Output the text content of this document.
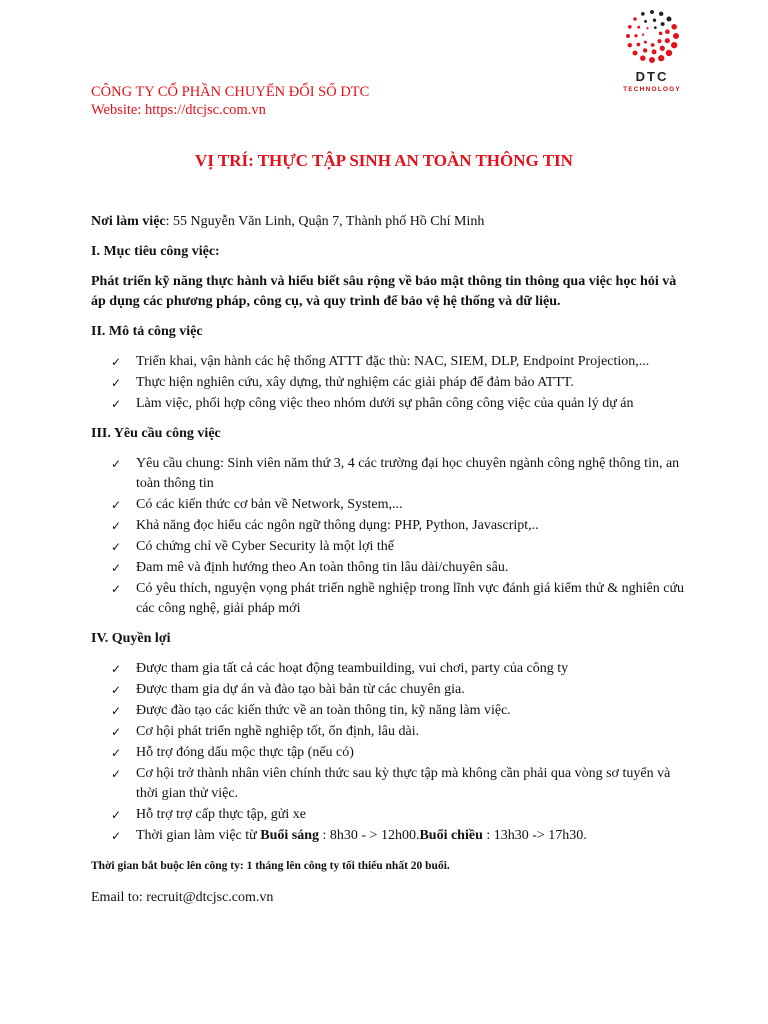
DTC
TECHNOLOGY
CÔNG TY CỔ PHẦN CHUYỂN ĐỔI SỐ DTC
Website: https://dtcjsc.com.vn
VỊ TRÍ: THỰC TẬP SINH AN TOÀN THÔNG TIN

Nơi làm việc: 55 Nguyễn Văn Linh, Quận 7, Thành phố Hồ Chí Minh

I. Mục tiêu công việc:

Phát triển kỹ năng thực hành và hiểu biết sâu rộng về bảo mật thông tin thông qua việc học hỏi và áp dụng các phương pháp, công cụ, và quy trình để bảo vệ hệ thống và dữ liệu.

II. Mô tả công việc

✓ Triển khai, vận hành các hệ thống ATTT đặc thù: NAC, SIEM, DLP, Endpoint Projection,...
✓ Thực hiện nghiên cứu, xây dựng, thử nghiệm các giải pháp để đảm bảo ATTT.
✓ Làm việc, phối hợp công việc theo nhóm dưới sự phân công công việc của quản lý dự án

III. Yêu cầu công việc

✓ Yêu cầu chung: Sinh viên năm thứ 3, 4 các trường đại học chuyên ngành công nghệ thông tin, an toàn thông tin
✓ Có các kiến thức cơ bản về Network, System,...
✓ Khả năng đọc hiểu các ngôn ngữ thông dụng: PHP, Python, Javascript,..
✓ Có chứng chỉ về Cyber Security là một lợi thế
✓ Đam mê và định hướng theo An toàn thông tin lâu dài/chuyên sâu.
✓ Có yêu thích, nguyện vọng phát triển nghề nghiệp trong lĩnh vực đánh giá kiểm thử & nghiên cứu các công nghệ, giải pháp mới

IV. Quyền lợi

✓ Được tham gia tất cả các hoạt động teambuilding, vui chơi, party của công ty
✓ Được tham gia dự án và đào tạo bài bản từ các chuyên gia.
✓ Được đào tạo các kiến thức về an toàn thông tin, kỹ năng làm việc.
✓ Cơ hội phát triển nghề nghiệp tốt, ổn định, lâu dài.
✓ Hỗ trợ đóng dấu mộc thực tập (nếu có)
✓ Cơ hội trở thành nhân viên chính thức sau kỳ thực tập mà không cần phải qua vòng sơ tuyển và thời gian thử việc.
✓ Hỗ trợ trợ cấp thực tập, gửi xe
✓ Thời gian làm việc từ Buổi sáng : 8h30 - > 12h00.Buổi chiều : 13h30 -> 17h30.

Thời gian bắt buộc lên công ty: 1 tháng lên công ty tối thiểu nhất 20 buổi.

Email to: recruit@dtcjsc.com.vn
